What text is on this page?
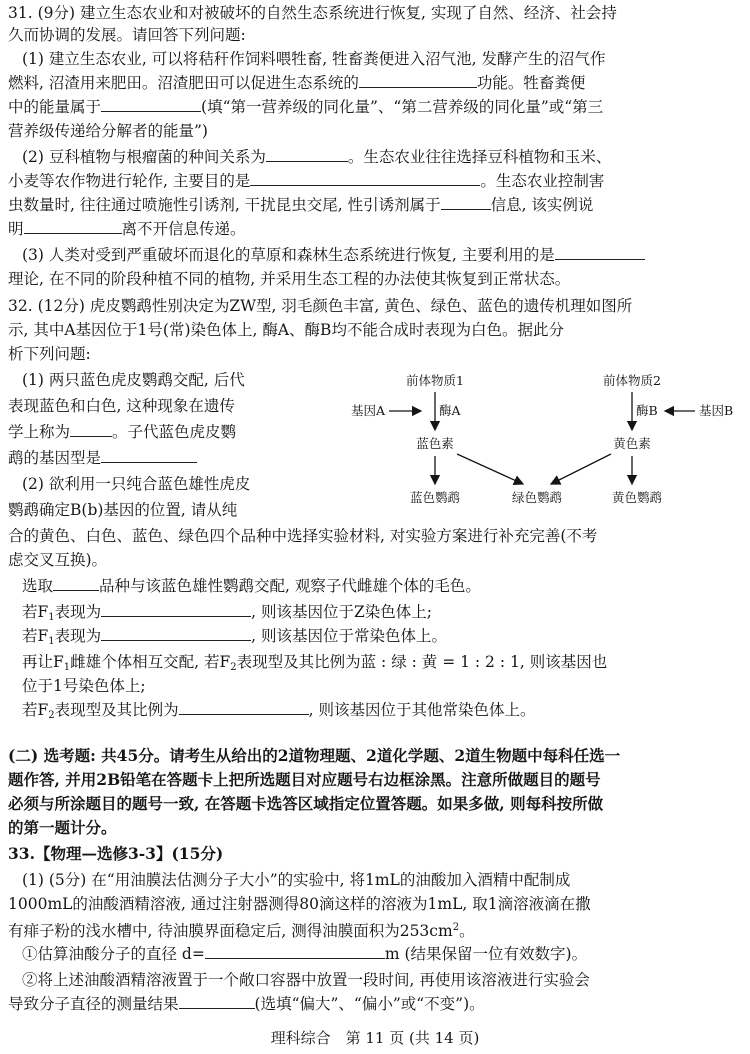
31. (9分) 建立生态农业和对被破坏的自然生态系统进行恢复, 实现了自然、经济、社会持
久而协调的发展。请回答下列问题:
(1) 建立生态农业, 可以将秸秆作饲料喂牲畜, 牲畜粪便进入沼气池, 发酵产生的沼气作
燃料, 沼渣用来肥田。沼渣肥田可以促进生态系统的	功能。牲畜粪便
中的能量属于	(填“第一营养级的同化量”、“第二营养级的同化量”或“第三
营养级传递给分解者的能量”)
(2) 豆科植物与根瘤菌的种间关系为	。生态农业往往选择豆科植物和玉米、
小麦等农作物进行轮作, 主要目的是	。生态农业控制害
虫数量时, 往往通过喷施性引诱剂, 干扰昆虫交尾, 性引诱剂属于	信息, 该实例说
明	离不开信息传递。
(3) 人类对受到严重破坏而退化的草原和森林生态系统进行恢复, 主要利用的是
理论, 在不同的阶段种植不同的植物, 并采用生态工程的办法使其恢复到正常状态。
32. (12分) 虎皮鹦鹉性别决定为ZW型, 羽毛颜色丰富, 黄色、绿色、蓝色的遗传机理如图所
示, 其中A基因位于1号(常)染色体上, 酶A、酶B均不能合成时表现为白色。据此分
析下列问题:
(1) 两只蓝色虎皮鹦鹉交配, 后代
表现蓝色和白色, 这种现象在遗传
学上称为	。子代蓝色虎皮鹦
鹉的基因型是
(2) 欲利用一只纯合蓝色雄性虎皮
鹦鹉确定B(b)基因的位置, 请从纯
前体物质1	前体物质2
基因A	酶A	酶B	基因B
蓝色素	黄色素
蓝色鹦鹉	绿色鹦鹉	黄色鹦鹉
合的黄色、白色、蓝色、绿色四个品种中选择实验材料, 对实验方案进行补充完善(不考
虑交叉互换)。
选取	品种与该蓝色雄性鹦鹉交配, 观察子代雌雄个体的毛色。
若$F_1$表现为	, 则该基因位于Z染色体上;
若$F_1$表现为	, 则该基因位于常染色体上。
再让$F_1$雌雄个体相互交配, 若$F_2$表现型及其比例为蓝 : 绿 : 黄 = 1 : 2 : 1, 则该基因也
位于1号染色体上;
若$F_2$表现型及其比例为	, 则该基因位于其他常染色体上。
(二) 选考题: 共45分。请考生从给出的2道物理题、2道化学题、2道生物题中每科任选一
题作答, 并用2B铅笔在答题卡上把所选题目对应题号右边框涂黑。注意所做题目的题号
必须与所涂题目的题号一致, 在答题卡选答区域指定位置答题。如果多做, 则每科按所做
的第一题计分。
33.【物理—选修3-3】(15分)
(1) (5分) 在“用油膜法估测分子大小”的实验中, 将1mL的油酸加入酒精中配制成
1000mL的油酸酒精溶液, 通过注射器测得80滴这样的溶液为1mL, 取1滴溶液滴在撒
有痱子粉的浅水槽中, 待油膜界面稳定后, 测得油膜面积为$253cm^2$。
①估算油酸分子的直径 d=	m (结果保留一位有效数字)。
②将上述油酸酒精溶液置于一个敞口容器中放置一段时间, 再使用该溶液进行实验会
导致分子直径的测量结果	(选填“偏大”、“偏小”或“不变”)。
理科综合　第 11 页 (共 14 页)
